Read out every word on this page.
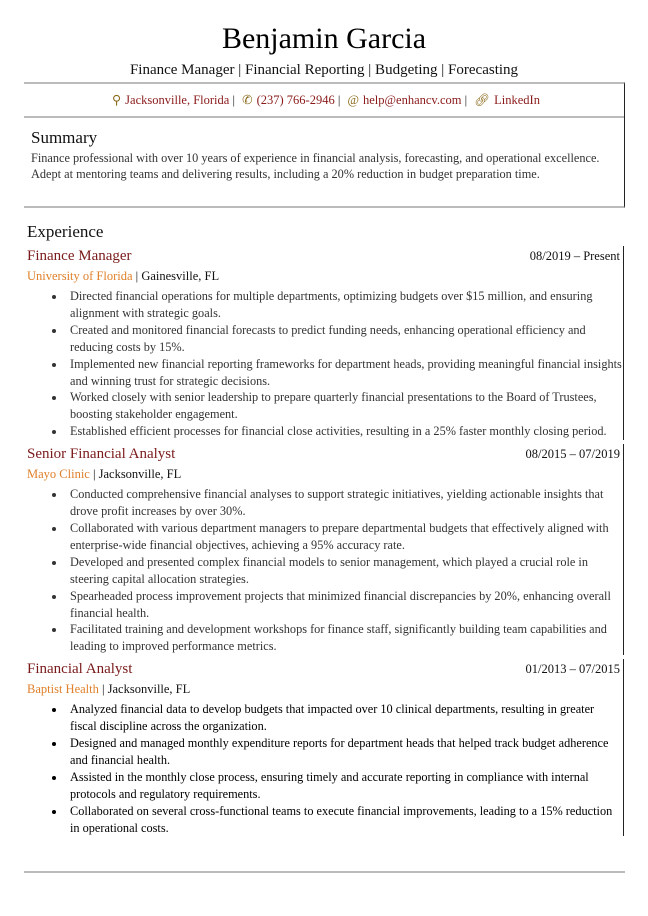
Benjamin Garcia
Finance Manager | Financial Reporting | Budgeting | Forecasting
⚲ Jacksonville, Florida | ✆ (237) 766-2946 | @ help@enhancv.com | 🔗︎ LinkedIn
Summary
Finance professional with over 10 years of experience in financial analysis, forecasting, and operational excellence. Adept at mentoring teams and delivering results, including a 20% reduction in budget preparation time.
Experience
Finance Manager	08/2019 – Present
University of Florida | Gainesville, FL
• Directed financial operations for multiple departments, optimizing budgets over $15 million, and ensuring alignment with strategic goals.
• Created and monitored financial forecasts to predict funding needs, enhancing operational efficiency and reducing costs by 15%.
• Implemented new financial reporting frameworks for department heads, providing meaningful financial insights and winning trust for strategic decisions.
• Worked closely with senior leadership to prepare quarterly financial presentations to the Board of Trustees, boosting stakeholder engagement.
• Established efficient processes for financial close activities, resulting in a 25% faster monthly closing period.
Senior Financial Analyst	08/2015 – 07/2019
Mayo Clinic | Jacksonville, FL
• Conducted comprehensive financial analyses to support strategic initiatives, yielding actionable insights that drove profit increases by over 30%.
• Collaborated with various department managers to prepare departmental budgets that effectively aligned with enterprise-wide financial objectives, achieving a 95% accuracy rate.
• Developed and presented complex financial models to senior management, which played a crucial role in steering capital allocation strategies.
• Spearheaded process improvement projects that minimized financial discrepancies by 20%, enhancing overall financial health.
• Facilitated training and development workshops for finance staff, significantly building team capabilities and leading to improved performance metrics.
Financial Analyst	01/2013 – 07/2015
Baptist Health | Jacksonville, FL
• Analyzed financial data to develop budgets that impacted over 10 clinical departments, resulting in greater fiscal discipline across the organization.
• Designed and managed monthly expenditure reports for department heads that helped track budget adherence and financial health.
• Assisted in the monthly close process, ensuring timely and accurate reporting in compliance with internal protocols and regulatory requirements.
• Collaborated on several cross-functional teams to execute financial improvements, leading to a 15% reduction in operational costs.
